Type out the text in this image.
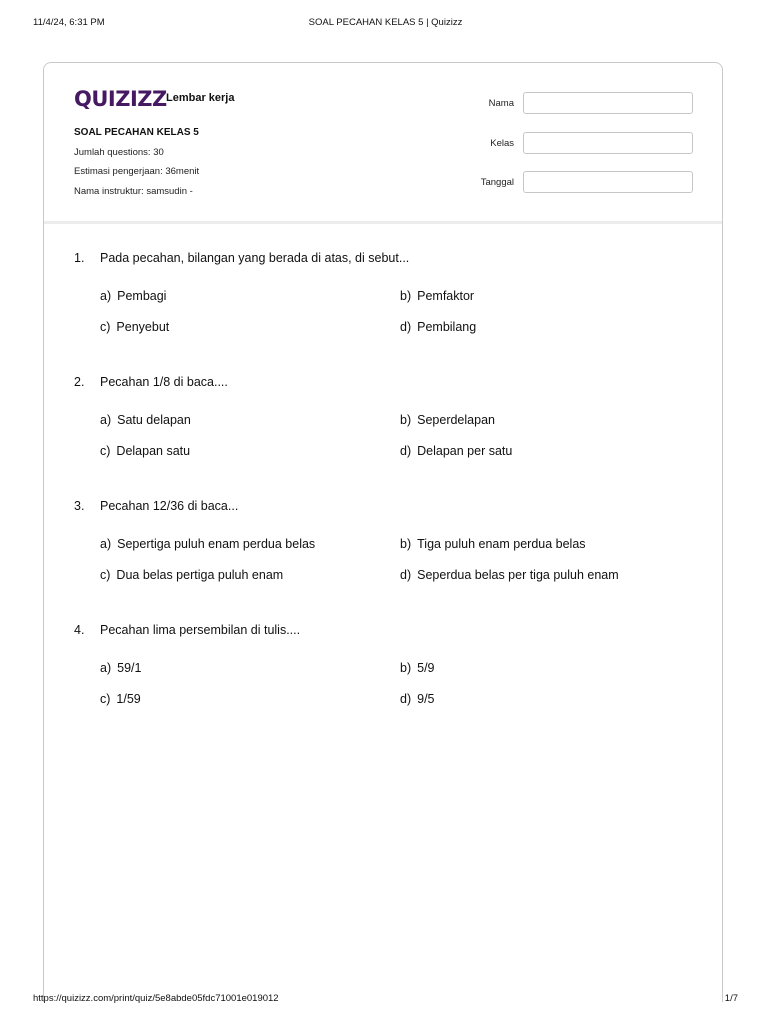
11/4/24, 6:31 PM	SOAL PECAHAN KELAS 5 | Quizizz
QUIZIZZ Lembar kerja
SOAL PECAHAN KELAS 5
Jumlah questions: 30
Estimasi pengerjaan: 36menit
Nama instruktur: samsudin -
Nama
Kelas
Tanggal
1. Pada pecahan, bilangan yang berada di atas, di sebut...
a) Pembagi	b) Pemfaktor
c) Penyebut	d) Pembilang
2. Pecahan 1/8 di baca....
a) Satu delapan	b) Seperdelapan
c) Delapan satu	d) Delapan per satu
3. Pecahan 12/36 di baca...
a) Sepertiga puluh enam perdua belas	b) Tiga puluh enam perdua belas
c) Dua belas pertiga puluh enam	d) Seperdua belas per tiga puluh enam
4. Pecahan lima persembilan di tulis....
a) 59/1	b) 5/9
c) 1/59	d) 9/5
https://quizizz.com/print/quiz/5e8abde05fdc71001e019012	1/7
